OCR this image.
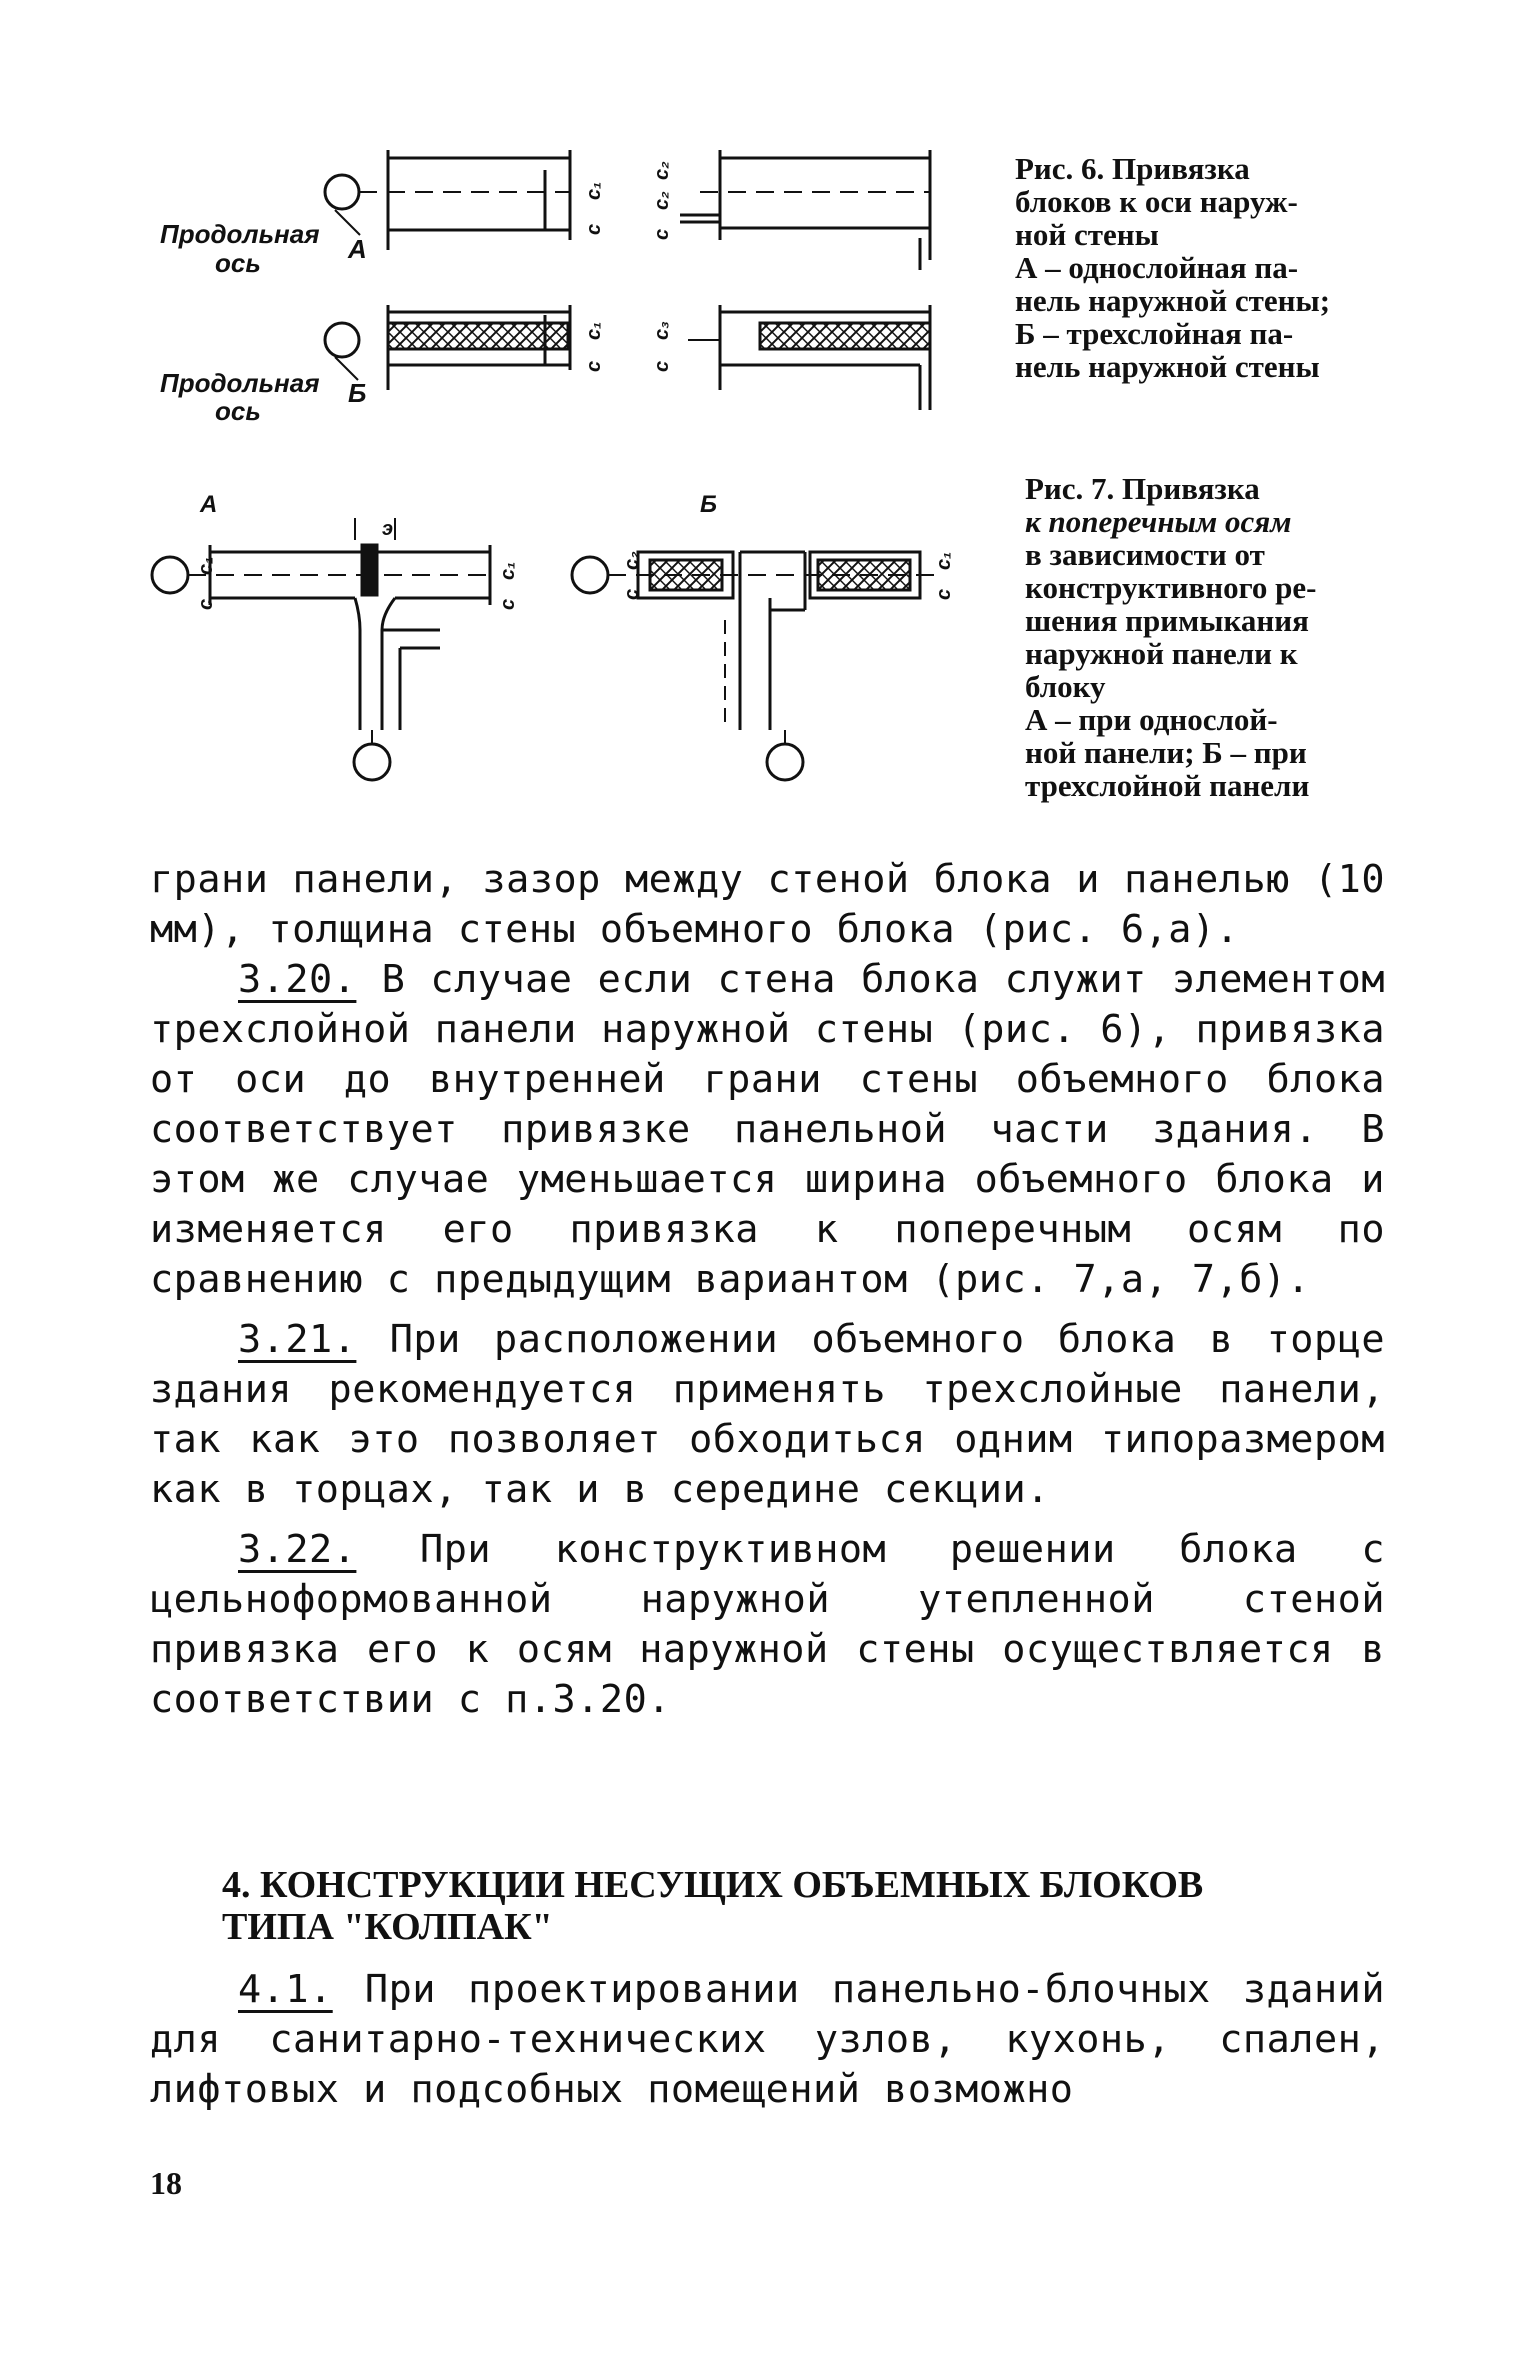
Продольная
ось	А
Продольная
ось
Б
с
с₁
с
с₂
с₂
с
с₁
с
с₃
Рис. 6. Привязка
блоков к оси наруж-
ной стены
А – однослойная па-
нель наружной стены;
Б – трехслойная па-
нель наружной стены
А	Б
с
с₁
э
с
с₁
с
с₂
с
с₁
Рис. 7. Привязка
к поперечным осям
в зависимости от
конструктивного ре-
шения примыкания
наружной панели к
блоку
А – при однослой-
ной панели; Б – при
трехслойной панели

грани панели, зазор между стеной блока и панелью (10 мм), толщина стены объемного блока (рис. 6,а).

3.20. В случае если стена блока служит элементом трехслойной панели наружной стены (рис. 6), привязка от оси до внутренней грани стены объемного блока соответствует привязке панельной части здания. В этом же случае уменьшается ширина объемного блока и изменяется его привязка к поперечным осям по сравнению с предыдущим вариантом (рис. 7,а, 7,б).

3.21. При расположении объемного блока в торце здания рекомендуется применять трехслойные панели, так как это позволяет обходиться одним типоразмером как в торцах, так и в середине секции.

3.22. При конструктивном решении блока с цельноформованной наружной утепленной стеной привязка его к осям наружной стены осуществляется в соответствии с п.3.20.

4. КОНСТРУКЦИИ НЕСУЩИХ ОБЪЕМНЫХ БЛОКОВ
ТИПА "КОЛПАК"

4.1. При проектировании панельно-блочных зданий для санитарно-технических узлов, кухонь, спален, лифтовых и подсобных помещений возможно

18
